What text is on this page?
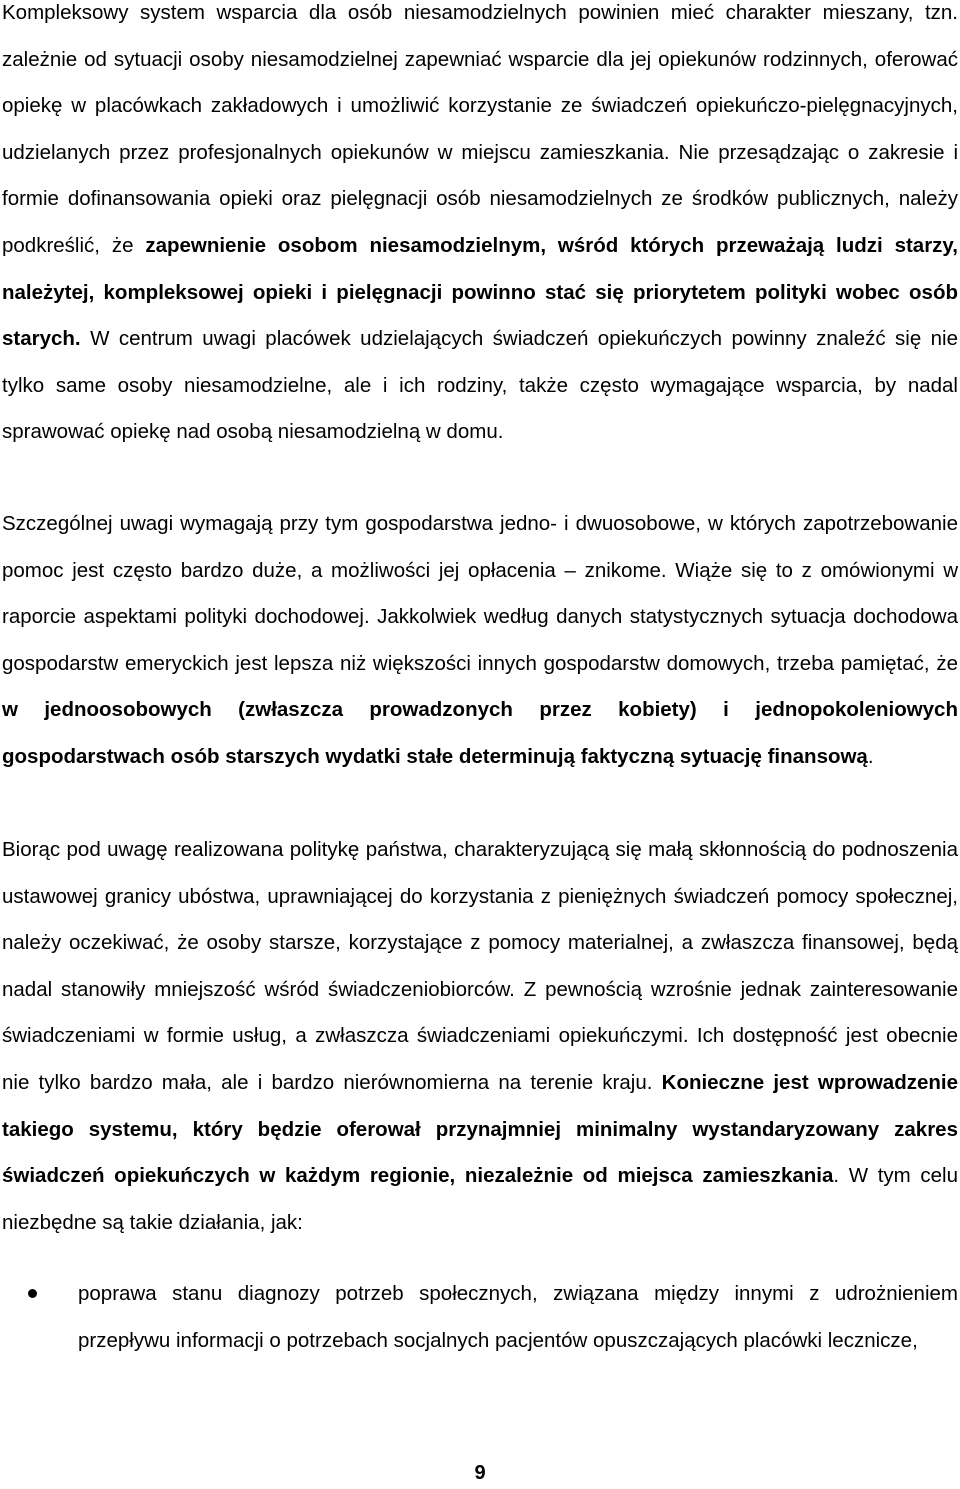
Kompleksowy system wsparcia dla osób niesamodzielnych powinien mieć charakter mieszany, tzn. zależnie od sytuacji osoby niesamodzielnej zapewniać wsparcie dla jej opiekunów rodzinnych, oferować opiekę w placówkach zakładowych i umożliwić korzystanie ze świadczeń opiekuńczo-pielęgnacyjnych, udzielanych przez profesjonalnych opiekunów w miejscu zamieszkania. Nie przesądzając o zakresie i formie dofinansowania opieki oraz pielęgnacji osób niesamodzielnych ze środków publicznych, należy podkreślić, że zapewnienie osobom niesamodzielnym, wśród których przeważają ludzi starzy, należytej, kompleksowej opieki i pielęgnacji powinno stać się priorytetem polityki wobec osób starych. W centrum uwagi placówek udzielających świadczeń opiekuńczych powinny znaleźć się nie tylko same osoby niesamodzielne, ale i ich rodziny, także często wymagające wsparcia, by nadal sprawować opiekę nad osobą niesamodzielną w domu.

Szczególnej uwagi wymagają przy tym gospodarstwa jedno- i dwuosobowe, w których zapotrzebowanie pomoc jest często bardzo duże, a możliwości jej opłacenia – znikome. Wiąże się to z omówionymi w raporcie aspektami polityki dochodowej. Jakkolwiek według danych statystycznych sytuacja dochodowa gospodarstw emeryckich jest lepsza niż większości innych gospodarstw domowych, trzeba pamiętać, że w jednoosobowych (zwłaszcza prowadzonych przez kobiety) i jednopokoleniowych gospodarstwach osób starszych wydatki stałe determinują faktyczną sytuację finansową.

Biorąc pod uwagę realizowana politykę państwa, charakteryzującą się małą skłonnością do podnoszenia ustawowej granicy ubóstwa, uprawniającej do korzystania z pieniężnych świadczeń pomocy społecznej, należy oczekiwać, że osoby starsze, korzystające z pomocy materialnej, a zwłaszcza finansowej, będą nadal stanowiły mniejszość wśród świadczeniobiorców. Z pewnością wzrośnie jednak zainteresowanie świadczeniami w formie usług, a zwłaszcza świadczeniami opiekuńczymi. Ich dostępność jest obecnie nie tylko bardzo mała, ale i bardzo nierównomierna na terenie kraju. Konieczne jest wprowadzenie takiego systemu, który będzie oferował przynajmniej minimalny wystandaryzowany zakres świadczeń opiekuńczych w każdym regionie, niezależnie od miejsca zamieszkania. W tym celu niezbędne są takie działania, jak:

poprawa stanu diagnozy potrzeb społecznych, związana między innymi z udrożnieniem przepływu informacji o potrzebach socjalnych pacjentów opuszczających placówki lecznicze,
9
